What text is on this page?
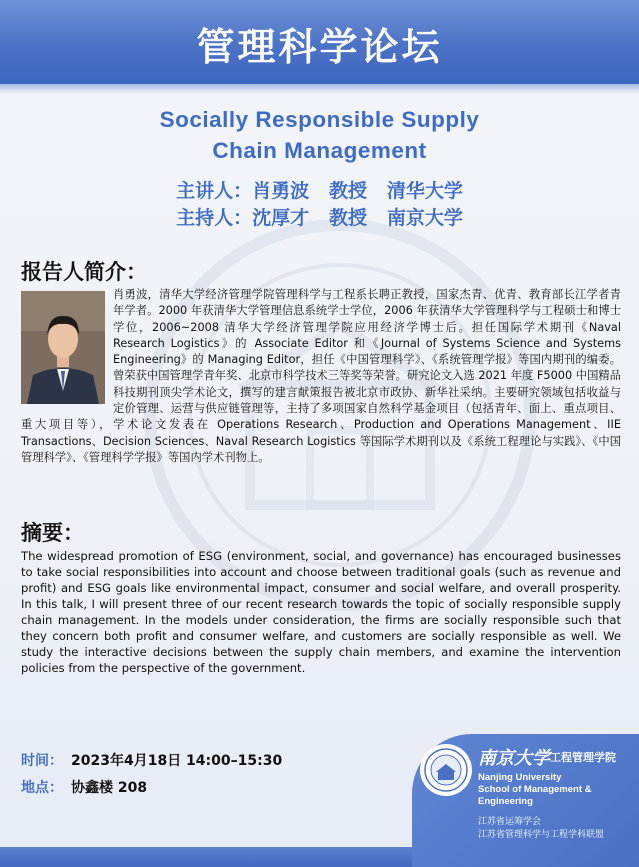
管理科学论坛
Socially Responsible Supply
Chain Management
主讲人：肖勇波   教授   清华大学
主持人：沈厚才   教授   南京大学
报告人简介：
肖勇波，清华大学经济管理学院管理科学与工程系长聘正教授，国家杰青、优青、教育部长江学者青年学者。2000 年获清华大学管理信息系统学士学位，2006 年获清华大学管理科学与工程硕士和博士学位，2006~2008 清华大学经济管理学院应用经济学博士后。担任国际学术期刊《Naval Research Logistics》的 Associate Editor 和《Journal of Systems Science and Systems Engineering》的 Managing Editor，担任《中国管理科学》、《系统管理学报》等国内期刊的编委。曾荣获中国管理学青年奖、北京市科学技术三等奖等荣誉。研究论文入选 2021 年度 F5000 中国精品科技期刊顶尖学术论文，撰写的建言献策报告被北京市政协、新华社采纳。主要研究领域包括收益与定价管理、运营与供应链管理等，主持了多项国家自然科学基金项目（包括青年、面上、重点项目、重大项目等），学术论文发表在 Operations Research、Production and Operations Management、IIE Transactions、Decision Sciences、Naval Research Logistics 等国际学术期刊以及《系统工程理论与实践》、《中国管理科学》、《管理科学学报》等国内学术刊物上。
摘要：
The widespread promotion of ESG (environment, social, and governance) has encouraged businesses to take social responsibilities into account and choose between traditional goals (such as revenue and profit) and ESG goals like environmental impact, consumer and social welfare, and overall prosperity. In this talk, I will present three of our recent research towards the topic of socially responsible supply chain management. In the models under consideration, the firms are socially responsible such that they concern both profit and consumer welfare, and customers are socially responsible as well. We study the interactive decisions between the supply chain members, and examine the intervention policies from the perspective of the government.
时间： 2023年4月18日 14:00–15:30
地点： 协鑫楼 208
南京大学 工程管理学院
Nanjing University
School of Management & Engineering
江苏省运筹学会
江苏省管理科学与工程学科联盟
